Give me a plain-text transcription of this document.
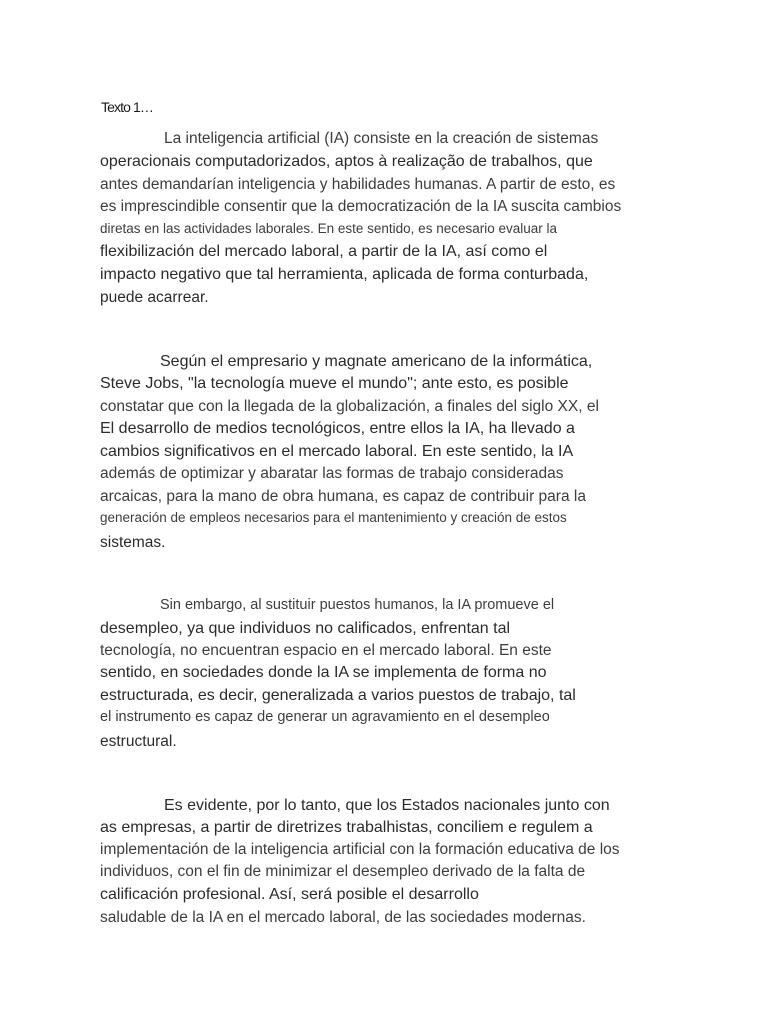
Texto 1…
La inteligencia artificial (IA) consiste en la creación de sistemas
operacionais computadorizados, aptos à realização de trabalhos, que
antes demandarían inteligencia y habilidades humanas. A partir de esto, es
es imprescindible consentir que la democratización de la IA suscita cambios
diretas en las actividades laborales. En este sentido, es necesario evaluar la
flexibilización del mercado laboral, a partir de la IA, así como el
impacto negativo que tal herramienta, aplicada de forma conturbada,
puede acarrear.
Según el empresario y magnate americano de la informática,
Steve Jobs, "la tecnología mueve el mundo"; ante esto, es posible
constatar que con la llegada de la globalización, a finales del siglo XX, el
El desarrollo de medios tecnológicos, entre ellos la IA, ha llevado a
cambios significativos en el mercado laboral. En este sentido, la IA
además de optimizar y abaratar las formas de trabajo consideradas
arcaicas, para la mano de obra humana, es capaz de contribuir para la
generación de empleos necesarios para el mantenimiento y creación de estos
sistemas.
Sin embargo, al sustituir puestos humanos, la IA promueve el
desempleo, ya que individuos no calificados, enfrentan tal
tecnología, no encuentran espacio en el mercado laboral. En este
sentido, en sociedades donde la IA se implementa de forma no
estructurada, es decir, generalizada a varios puestos de trabajo, tal
el instrumento es capaz de generar un agravamiento en el desempleo
estructural.
Es evidente, por lo tanto, que los Estados nacionales junto con
as empresas, a partir de diretrizes trabalhistas, conciliem e regulem a
implementación de la inteligencia artificial con la formación educativa de los
individuos, con el fin de minimizar el desempleo derivado de la falta de
calificación profesional. Así, será posible el desarrollo
saludable de la IA en el mercado laboral, de las sociedades modernas.
